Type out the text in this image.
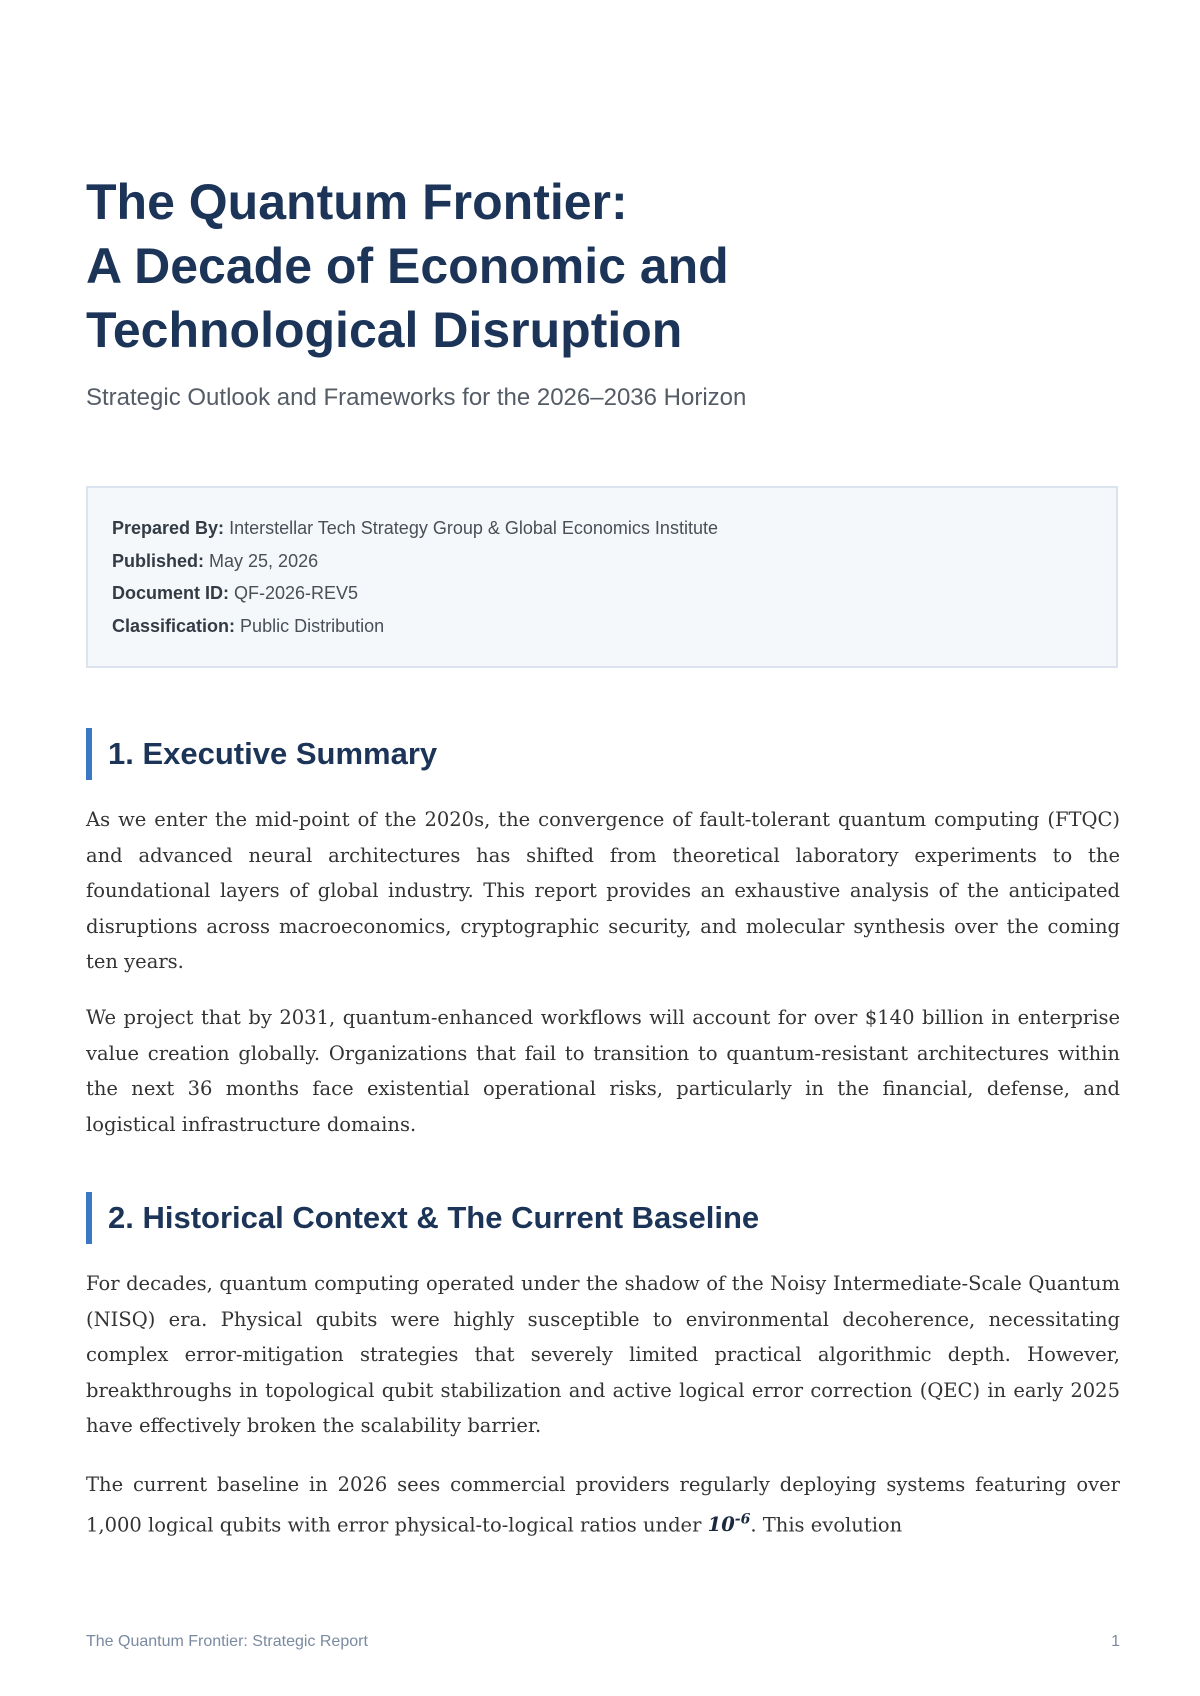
The Quantum Frontier:
A Decade of Economic and
Technological Disruption
Strategic Outlook and Frameworks for the 2026–2036 Horizon
Prepared By: Interstellar Tech Strategy Group & Global Economics Institute
Published: May 25, 2026
Document ID: QF-2026-REV5
Classification: Public Distribution
1. Executive Summary

As we enter the mid-point of the 2020s, the convergence of fault-tolerant quantum computing (FTQC) and advanced neural architectures has shifted from theoretical laboratory experiments to the foundational layers of global industry. This report provides an exhaustive analysis of the anticipated disruptions across macroeconomics, cryptographic security, and molecular synthesis over the coming ten years.

We project that by 2031, quantum-enhanced workflows will account for over $140 billion in enterprise value creation globally. Organizations that fail to transition to quantum-resistant architectures within the next 36 months face existential operational risks, particularly in the financial, defense, and logistical infrastructure domains.

2. Historical Context & The Current Baseline

For decades, quantum computing operated under the shadow of the Noisy Intermediate-Scale Quantum (NISQ) era. Physical qubits were highly susceptible to environmental decoherence, necessitating complex error-mitigation strategies that severely limited practical algorithmic depth. However, breakthroughs in topological qubit stabilization and active logical error correction (QEC) in early 2025 have effectively broken the scalability barrier.

The current baseline in 2026 sees commercial providers regularly deploying systems featuring over 1,000 logical qubits with error physical-to-logical ratios under $10^{-6}$. This evolution

The Quantum Frontier: Strategic Report	1
